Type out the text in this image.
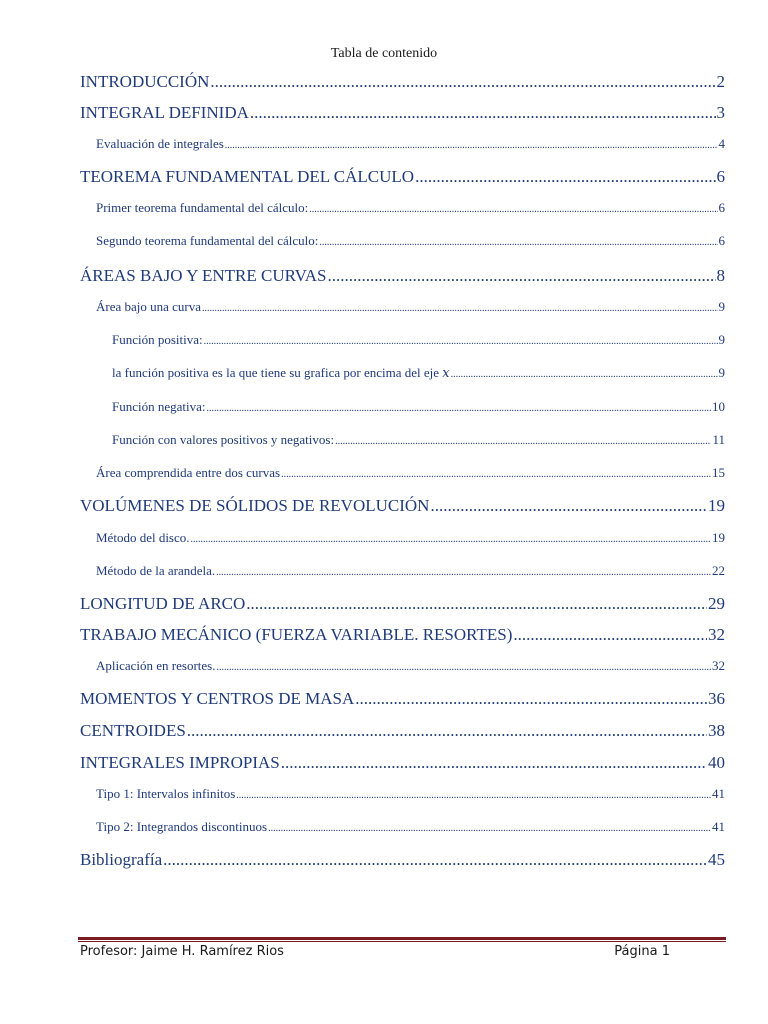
Tabla de contenido
INTRODUCCIÓN .....	2
INTEGRAL DEFINIDA .....	3
Evaluación de integrales .....	4
TEOREMA FUNDAMENTAL DEL CÁLCULO .....	6
Primer teorema fundamental del cálculo: .....	6
Segundo teorema fundamental del cálculo: .....	6
ÁREAS BAJO Y ENTRE CURVAS .....	8
Área bajo una curva .....	9
Función positiva: .....	9
la función positiva es la que tiene su grafica por encima del eje 𝑥 .....	9
Función negativa: .....	10
Función con valores positivos y negativos: .....	11
Área comprendida entre dos curvas .....	15
VOLÚMENES DE SÓLIDOS DE REVOLUCIÓN .....	19
Método del disco. .....	19
Método de la arandela. .....	22
LONGITUD DE ARCO .....	29
TRABAJO MECÁNICO (FUERZA VARIABLE. RESORTES) .....	32
Aplicación en resortes. .....	32
MOMENTOS Y CENTROS DE MASA .....	36
CENTROIDES .....	38
INTEGRALES IMPROPIAS .....	40
Tipo 1: Intervalos infinitos .....	41
Tipo 2: Integrandos discontinuos .....	41
Bibliografía .....	45
Profesor: Jaime H. Ramírez Rios	Página 1
